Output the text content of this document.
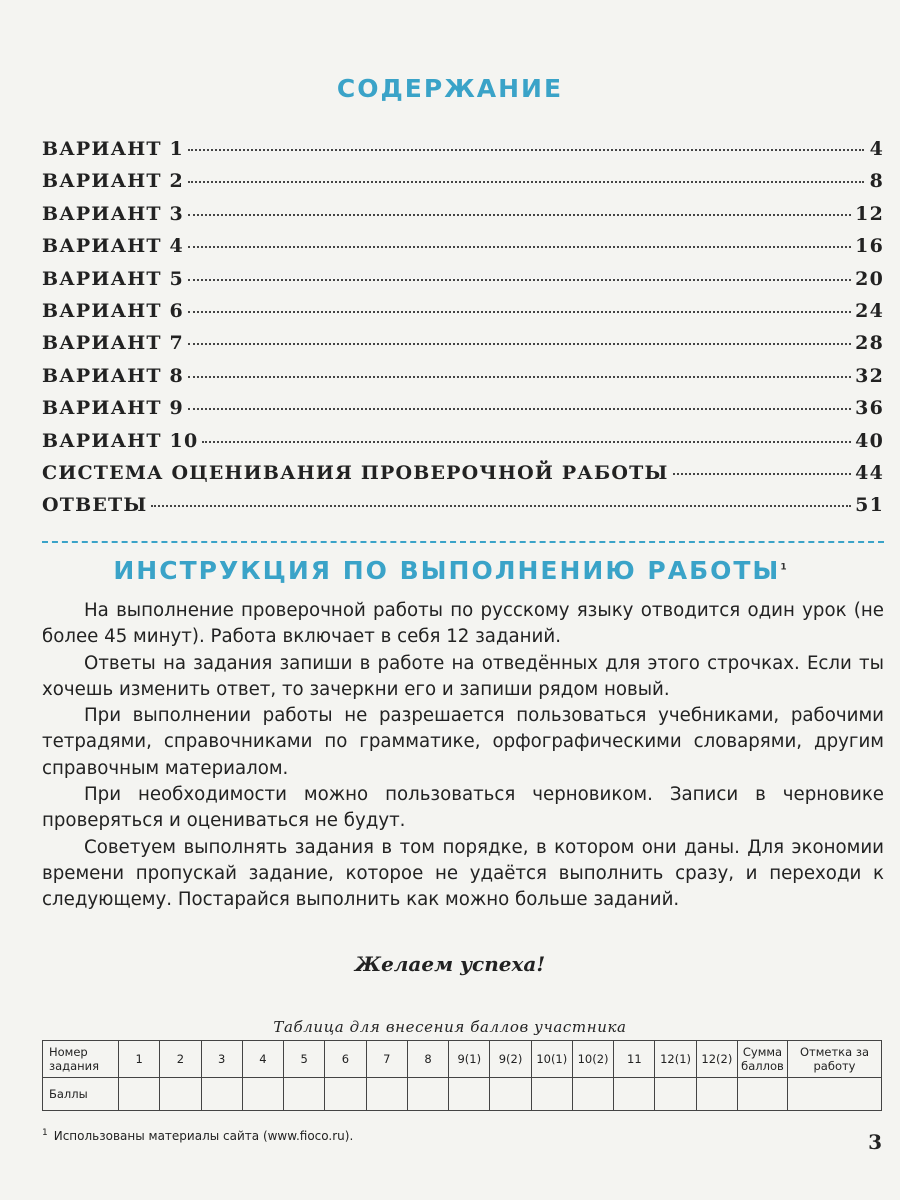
СОДЕРЖАНИЕ
ВАРИАНТ 1	4
ВАРИАНТ 2	8
ВАРИАНТ 3	12
ВАРИАНТ 4	16
ВАРИАНТ 5	20
ВАРИАНТ 6	24
ВАРИАНТ 7	28
ВАРИАНТ 8	32
ВАРИАНТ 9	36
ВАРИАНТ 10	40
СИСТЕМА ОЦЕНИВАНИЯ ПРОВЕРОЧНОЙ РАБОТЫ	44
ОТВЕТЫ	51
ИНСТРУКЦИЯ ПО ВЫПОЛНЕНИЮ РАБОТЫ$^1$

На выполнение проверочной работы по русскому языку отводится один урок (не более 45 минут). Работа включает в себя 12 заданий.

Ответы на задания запиши в работе на отведённых для этого строчках. Если ты хочешь изменить ответ, то зачеркни его и запиши рядом новый.

При выполнении работы не разрешается пользоваться учебниками, рабочими тетрадями, справочниками по грамматике, орфографическими словарями, другим справочным материалом.

При необходимости можно пользоваться черновиком. Записи в черновике проверяться и оцениваться не будут.

Советуем выполнять задания в том порядке, в котором они даны. Для экономии времени пропускай задание, которое не удаётся выполнить сразу, и переходи к следующему. Постарайся выполнить как можно больше заданий.

Желаем успеха!
Таблица для внесения баллов участника
Номер задания	1	2	3	4	5	6	7	8	9(1)	9(2)	10(1)	10(2)	11	12(1)	12(2)	Сумма баллов	Отметка за работу
Баллы																	
$^1$ Использованы материалы сайта (www.fioco.ru).	3
